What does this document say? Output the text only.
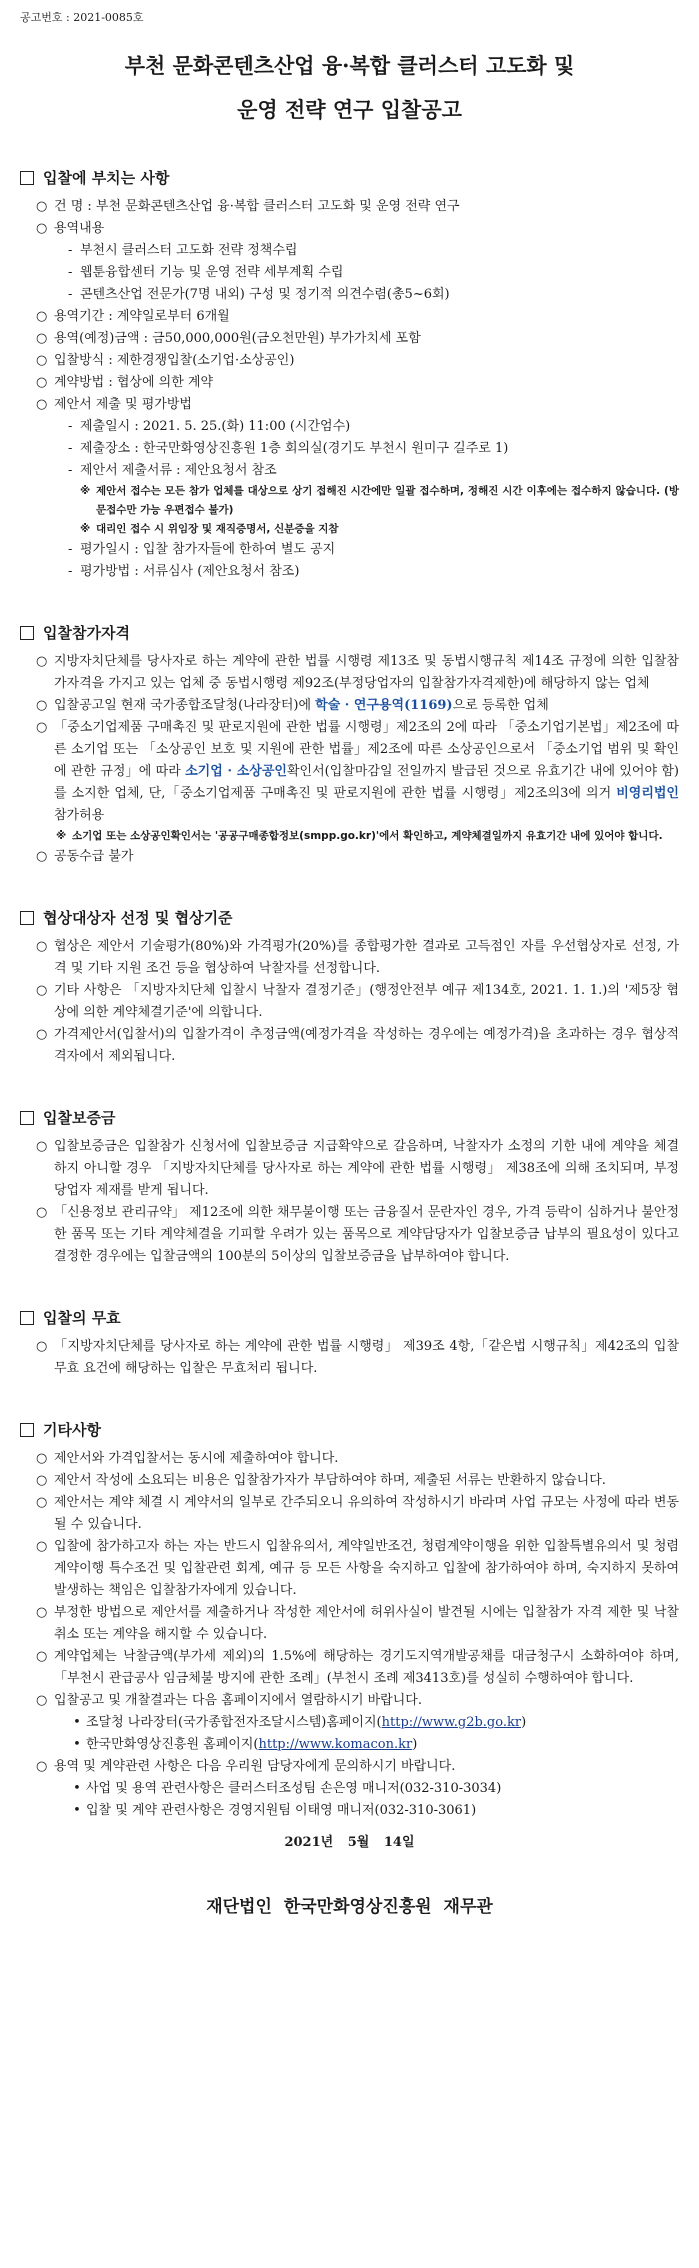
공고번호 : 2021-0085호
부천 문화콘텐츠산업 융·복합 클러스터 고도화 및
운영 전략 연구 입찰공고
입찰에 부치는 사항
○ 건 명 : 부천 문화콘텐츠산업 융·복합 클러스터 고도화 및 운영 전략 연구
○ 용역내용
- 부천시 클러스터 고도화 전략 정책수립
- 웹툰융합센터 기능 및 운영 전략 세부계획 수립
- 콘텐츠산업 전문가(7명 내외) 구성 및 정기적 의견수렴(총5~6회)
○ 용역기간 : 계약일로부터 6개월
○ 용역(예정)금액 : 금50,000,000원(금오천만원) 부가가치세 포함
○ 입찰방식 : 제한경쟁입찰(소기업·소상공인)
○ 계약방법 : 협상에 의한 계약
○ 제안서 제출 및 평가방법
- 제출일시 : 2021. 5. 25.(화) 11:00 (시간엄수)
- 제출장소 : 한국만화영상진흥원 1층 회의실(경기도 부천시 원미구 길주로 1)
- 제안서 제출서류 : 제안요청서 참조
※ 제안서 접수는 모든 참가 업체를 대상으로 상기 접해진 시간에만 일괄 접수하며, 정해진 시간 이후에는 접수하지 않습니다. (방문접수만 가능 우편접수 불가)
※ 대리인 접수 시 위임장 및 재직증명서, 신분증을 지참
- 평가일시 : 입찰 참가자들에 한하여 별도 공지
- 평가방법 : 서류심사 (제안요청서 참조)
입찰참가자격
○ 지방자치단체를 당사자로 하는 계약에 관한 법률 시행령 제13조 및 동법시행규칙 제14조 규정에 의한 입찰참가자격을 가지고 있는 업체 중 동법시행령 제92조(부정당업자의 입찰참가자격제한)에 해당하지 않는 업체
○ 입찰공고일 현재 국가종합조달청(나라장터)에 학술 · 연구용역(1169)으로 등록한 업체
○ 「중소기업제품 구매촉진 및 판로지원에 관한 법률 시행령」제2조의 2에 따라 「중소기업기본법」제2조에 따른 소기업 또는 「소상공인 보호 및 지원에 관한 법률」제2조에 따른 소상공인으로서 「중소기업 범위 및 확인에 관한 규정」에 따라 소기업 · 소상공인확인서(입찰마감일 전일까지 발급된 것으로 유효기간 내에 있어야 함)를 소지한 업체, 단,「중소기업제품 구매촉진 및 판로지원에 관한 법률 시행령」제2조의3에 의거 비영리법인 참가허용
※ 소기업 또는 소상공인확인서는 '공공구매종합정보(smpp.go.kr)'에서 확인하고, 계약체결일까지 유효기간 내에 있어야 합니다.
○ 공동수급 불가
협상대상자 선정 및 협상기준
○ 협상은 제안서 기술평가(80%)와 가격평가(20%)를 종합평가한 결과로 고득점인 자를 우선협상자로 선정, 가격 및 기타 지원 조건 등을 협상하여 낙찰자를 선정합니다.
○ 기타 사항은 「지방자치단체 입찰시 낙찰자 결정기준」(행정안전부 예규 제134호, 2021. 1. 1.)의 '제5장 협상에 의한 계약체결기준'에 의합니다.
○ 가격제안서(입찰서)의 입찰가격이 추정금액(예정가격을 작성하는 경우에는 예정가격)을 초과하는 경우 협상적격자에서 제외됩니다.
입찰보증금
○ 입찰보증금은 입찰참가 신청서에 입찰보증금 지급확약으로 갈음하며, 낙찰자가 소정의 기한 내에 계약을 체결하지 아니할 경우 「지방자치단체를 당사자로 하는 계약에 관한 법률 시행령」 제38조에 의해 조치되며, 부정당업자 제재를 받게 됩니다.
○ 「신용정보 관리규약」 제12조에 의한 채무불이행 또는 금융질서 문란자인 경우, 가격 등락이 심하거나 불안정한 품목 또는 기타 계약체결을 기피할 우려가 있는 품목으로 계약담당자가 입찰보증금 납부의 필요성이 있다고 결정한 경우에는 입찰금액의 100분의 5이상의 입찰보증금을 납부하여야 합니다.
입찰의 무효
○ 「지방자치단체를 당사자로 하는 계약에 관한 법률 시행령」 제39조 4항,「같은법 시행규칙」제42조의 입찰무효 요건에 해당하는 입찰은 무효처리 됩니다.
기타사항
○ 제안서와 가격입찰서는 동시에 제출하여야 합니다.
○ 제안서 작성에 소요되는 비용은 입찰참가자가 부담하여야 하며, 제출된 서류는 반환하지 않습니다.
○ 제안서는 계약 체결 시 계약서의 일부로 간주되오니 유의하여 작성하시기 바라며 사업 규모는 사정에 따라 변동될 수 있습니다.
○ 입찰에 참가하고자 하는 자는 반드시 입찰유의서, 계약일반조건, 청렴계약이행을 위한 입찰특별유의서 및 청렴계약이행 특수조건 및 입찰관련 회계, 예규 등 모든 사항을 숙지하고 입찰에 참가하여야 하며, 숙지하지 못하여 발생하는 책임은 입찰참가자에게 있습니다.
○ 부정한 방법으로 제안서를 제출하거나 작성한 제안서에 허위사실이 발견될 시에는 입찰참가 자격 제한 및 낙찰 취소 또는 계약을 해지할 수 있습니다.
○ 계약업체는 낙찰금액(부가세 제외)의 1.5%에 해당하는 경기도지역개발공채를 대금청구시 소화하여야 하며, 「부천시 관급공사 임금체불 방지에 관한 조례」(부천시 조례 제3413호)를 성실히 수행하여야 합니다.
○ 입찰공고 및 개찰결과는 다음 홈페이지에서 열람하시기 바랍니다.
• 조달청 나라장터(국가종합전자조달시스템)홈페이지(http://www.g2b.go.kr)
• 한국만화영상진흥원 홈페이지(http://www.komacon.kr)
○ 용역 및 계약관련 사항은 다음 우리원 담당자에게 문의하시기 바랍니다.
• 사업 및 용역 관련사항은 클러스터조성팀 손은영 매니저(032-310-3034)
• 입찰 및 계약 관련사항은 경영지원팀 이태영 매니저(032-310-3061)
2021년 5월 14일
재단법인 한국만화영상진흥원 재무관
